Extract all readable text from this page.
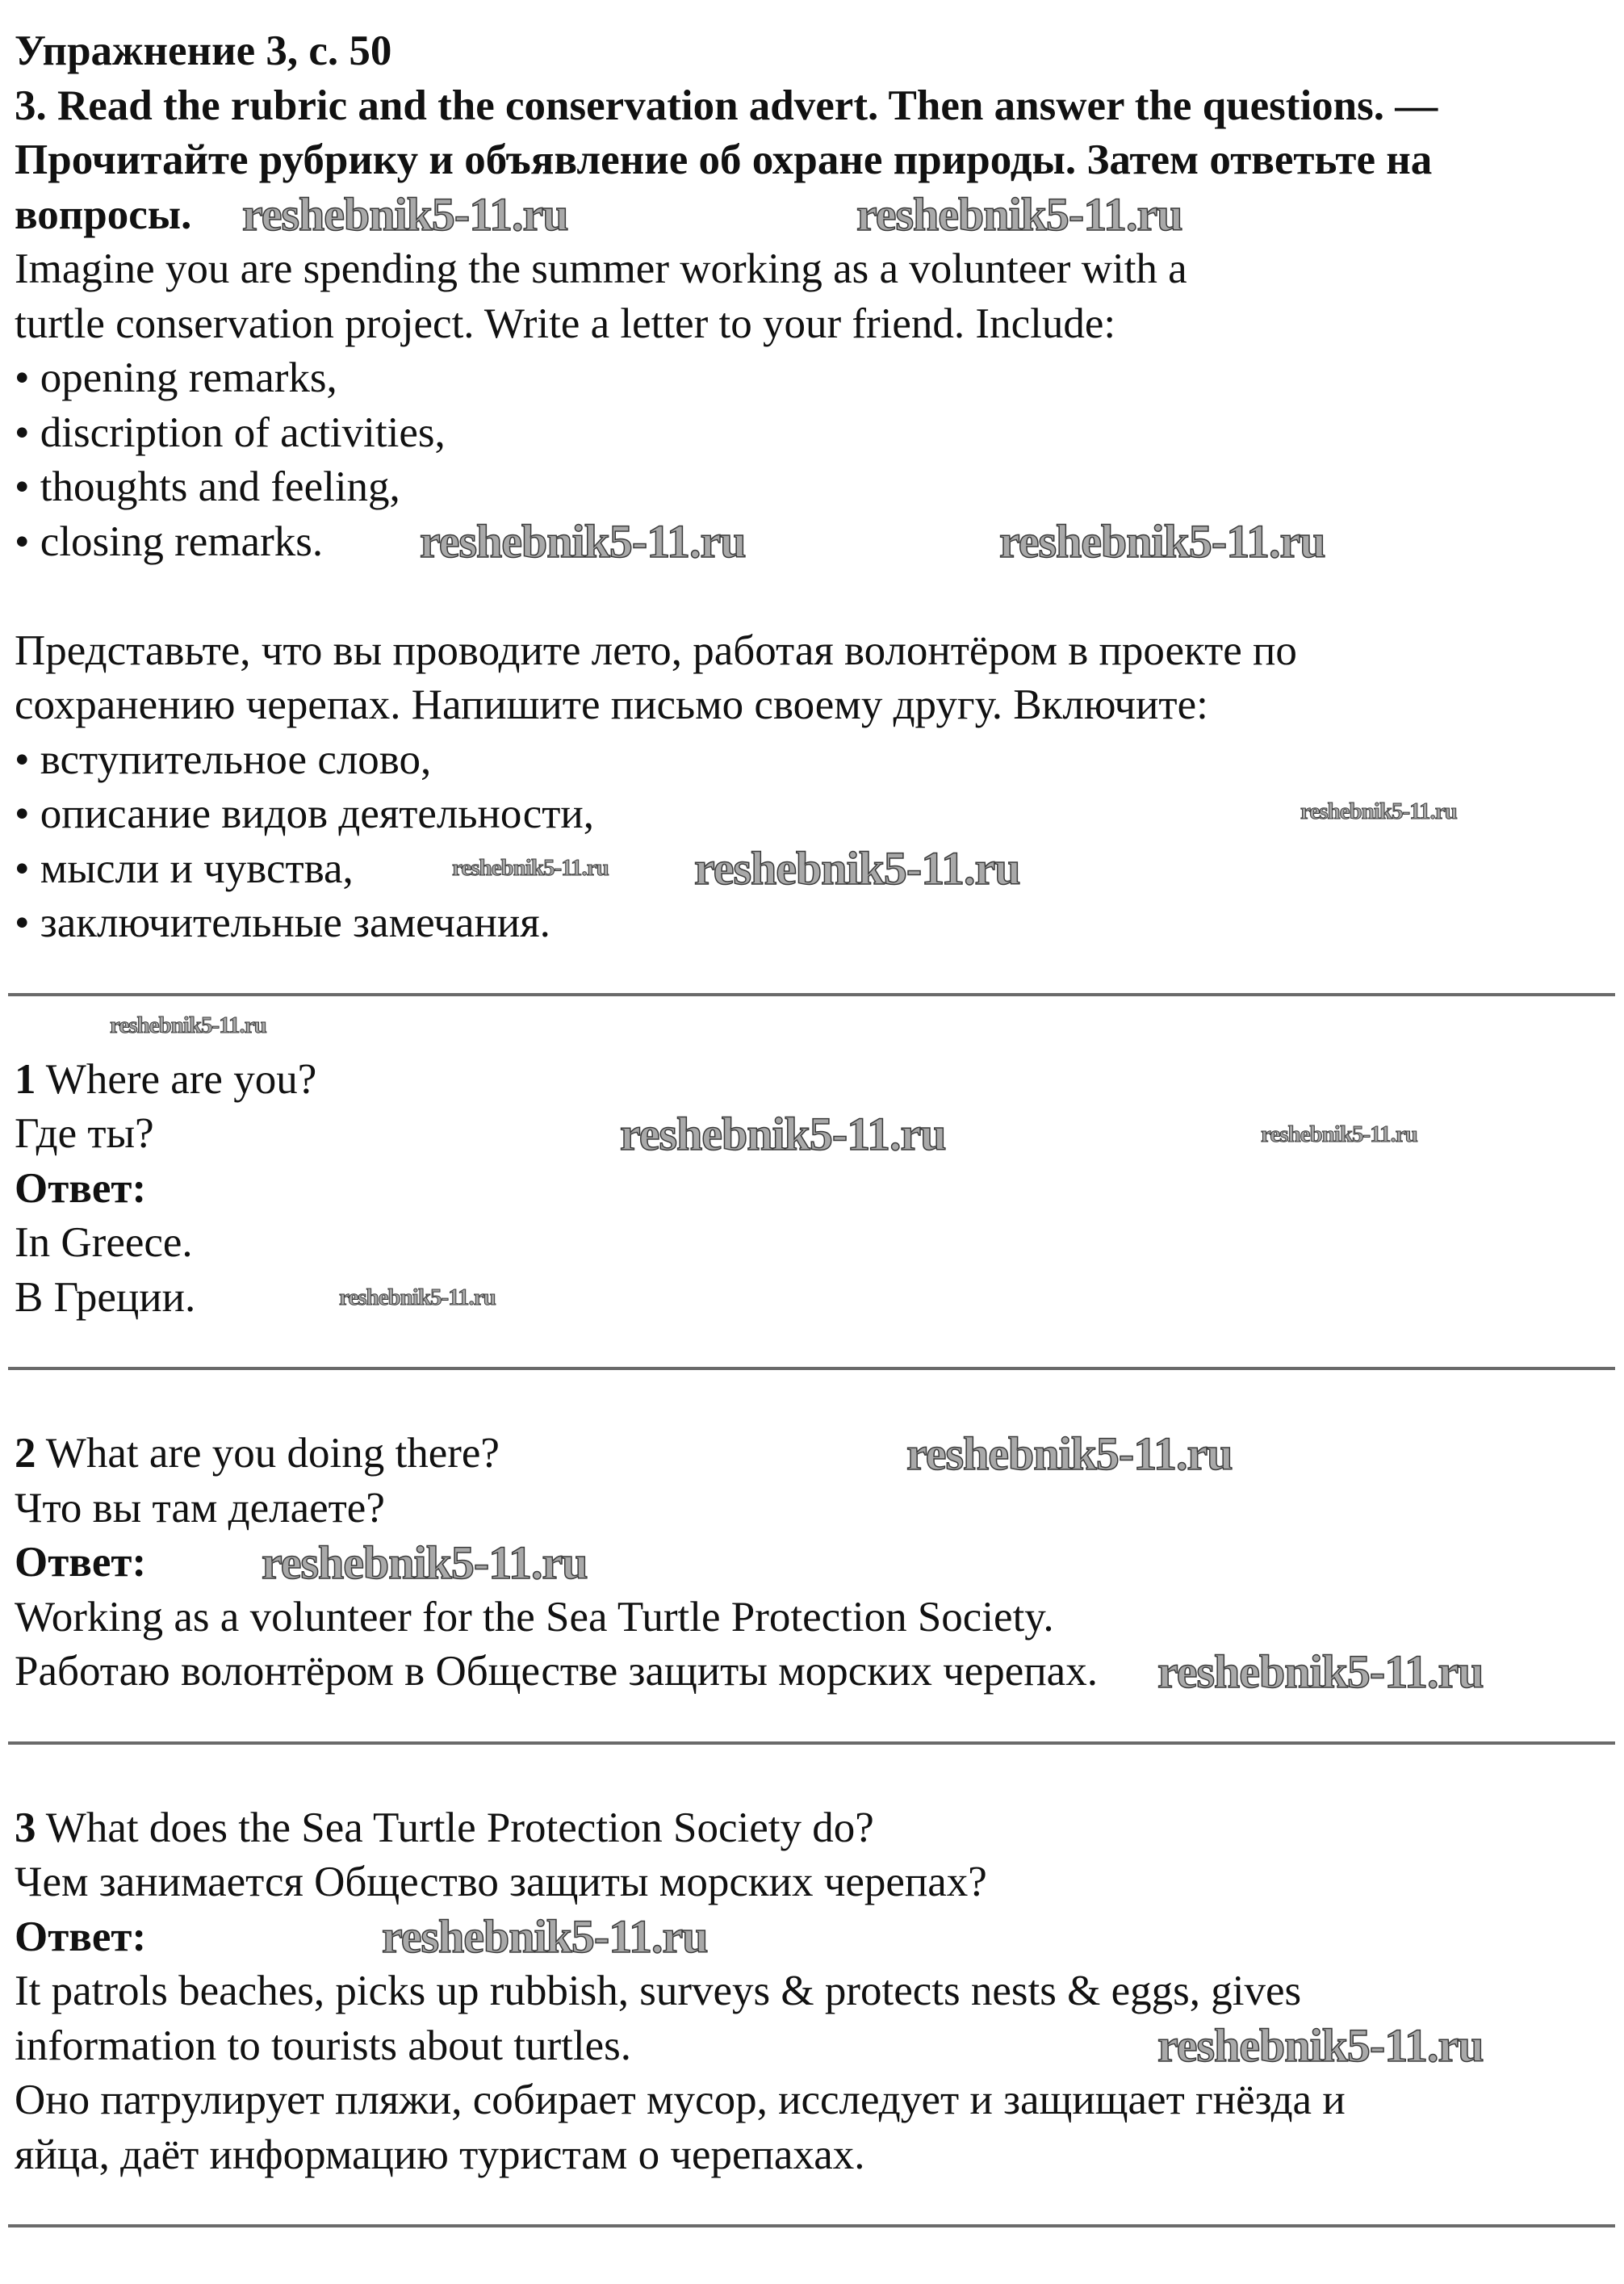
Упражнение 3, с. 50
3. Read the rubric and the conservation advert. Then answer the questions. —
Прочитайте рубрику и объявление об охране природы. Затем ответьте на
вопросы.
Imagine you are spending the summer working as a volunteer with a
turtle conservation project. Write a letter to your friend. Include:
• opening remarks,
• discription of activities,
• thoughts and feeling,
• closing remarks.
Представьте, что вы проводите лето, работая волонтёром в проекте по
сохранению черепах. Напишите письмо своему другу. Включите:
• вступительное слово,
• описание видов деятельности,
• мысли и чувства,
• заключительные замечания.
1 Where are you?
Где ты?
Ответ:
In Greece.
В Греции.
2 What are you doing there?
Что вы там делаете?
Ответ:
Working as a volunteer for the Sea Turtle Protection Society.
Работаю волонтёром в Обществе защиты морских черепах.
3 What does the Sea Turtle Protection Society do?
Чем занимается Общество защиты морских черепах?
Ответ:
It patrols beaches, picks up rubbish, surveys & protects nests & eggs, gives
information to tourists about turtles.
Оно патрулирует пляжи, собирает мусор, исследует и защищает гнёзда и
яйца, даёт информацию туристам о черепахах.
reshebnik5-11.ru	reshebnik5-11.ru
reshebnik5-11.ru	reshebnik5-11.ru
reshebnik5-11.ru
reshebnik5-11.ru
reshebnik5-11.ru
reshebnik5-11.ru
reshebnik5-11.ru
reshebnik5-11.ru
reshebnik5-11.ru
reshebnik5-11.ru
reshebnik5-11.ru
reshebnik5-11.ru
reshebnik5-11.ru
reshebnik5-11.ru
